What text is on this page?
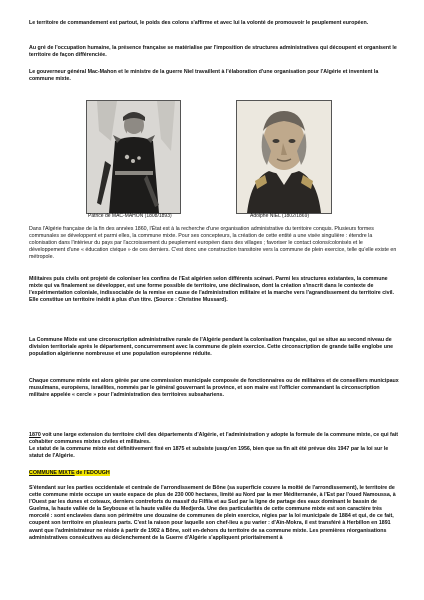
Le territoire de commandement est partout, le poids des colons s'affirme et avec lui la volonté de promouvoir le peuplement européen.

Au gré de l'occupation humaine, la présence française se matérialise par l'imposition de structures administratives qui découpent et organisent le territoire de façon différenciée.

Le gouverneur général Mac-Mahon et le ministre de la guerre Niel travaillent à l'élaboration d'une organisation pour l'Algérie et inventent la commune mixte.

Patrice de MAC-MAHON (1808/1893)	Adolphe NIEL (1802/1869)

Dans l'Algérie française de la fin des années 1860, l'État est à la recherche d'une organisation administrative du territoire conquis. Plusieurs formes communales se développent et parmi elles, la commune mixte. Pour ses concepteurs, la création de cette entité a une visée singulière : étendre la colonisation dans l'intérieur du pays par l'accroissement du peuplement européen dans des villages ; favoriser le contact colons/colonisés et le développement d'une « éducation civique » de ces derniers. C'est donc une construction transitoire vers la commune de plein exercice, telle qu'elle existe en métropole.

Militaires puis civils ont projeté de coloniser les confins de l'Est algérien selon différents scénari. Parmi les structures existantes, la commune mixte qui va finalement se développer, est une forme possible de territoire, une déclinaison, dont la création s'inscrit dans le contexte de l'expérimentation coloniale, indissociable de la remise en cause de l'administration militaire et la marche vers l'agrandissement du territoire civil. Elle constitue un territoire inédit à plus d'un titre. (Source : Christine Mussard).

La Commune Mixte est une circonscription administrative rurale de l'Algérie pendant la colonisation française, qui se situe au second niveau de division territoriale après le département, concurremment avec la commune de plein exercice. Cette circonscription de grande taille englobe une population algérienne nombreuse et une population européenne réduite.

Chaque commune mixte est alors gérée par une commission municipale composée de fonctionnaires ou de militaires et de conseillers municipaux musulmans, européens, israélites, nommés par le général gouvernant la province, et son maire est l'officier commandant la circonscription militaire appelée « cercle » pour l'administration des territoires subsahariens.

1870 voit une large extension du territoire civil des départements d'Algérie, et l'administration y adopte la formule de la commune mixte, ce qui fait cohabiter communes mixtes civiles et militaires.

Le statut de la commune mixte est définitivement fixé en 1875 et subsiste jusqu'en 1956, bien que sa fin ait été prévue dès 1947 par la loi sur le statut de l'Algérie.

COMMUNE MIXTE de l'EDOUGH

S'étendant sur les parties occidentale et centrale de l'arrondissement de Bône (sa superficie couvre la moitié de l'arrondissement), le territoire de cette commune mixte occupe un vaste espace de plus de 230 000 hectares, limité au Nord par la mer Méditerranée, à l'Est par l'oued Namoussa, à l'Ouest par les dunes et coteaux, derniers contreforts du massif du Filfila et au Sud par la ligne de partage des eaux dominant le bassin de Guelma, la haute vallée de la Seybouse et la haute vallée du Medjerda. Une des particularités de cette commune mixte est son caractère très morcelé : sont enclavées dans son périmètre une douzaine de communes de plein exercice, régies par la loi municipale de 1884 et qui, de ce fait, coupent son territoire en plusieurs parts. C'est la raison pour laquelle son chef-lieu a pu varier : d'Aïn-Mokra, il est transféré à Herbillon en 1891 avant que l'administrateur ne réside à partir de 1902 à Bône, soit en-dehors du territoire de sa commune mixte. Les premières réorganisations administratives consécutives au déclenchement de la Guerre d'Algérie s'appliquent prioritairement à
